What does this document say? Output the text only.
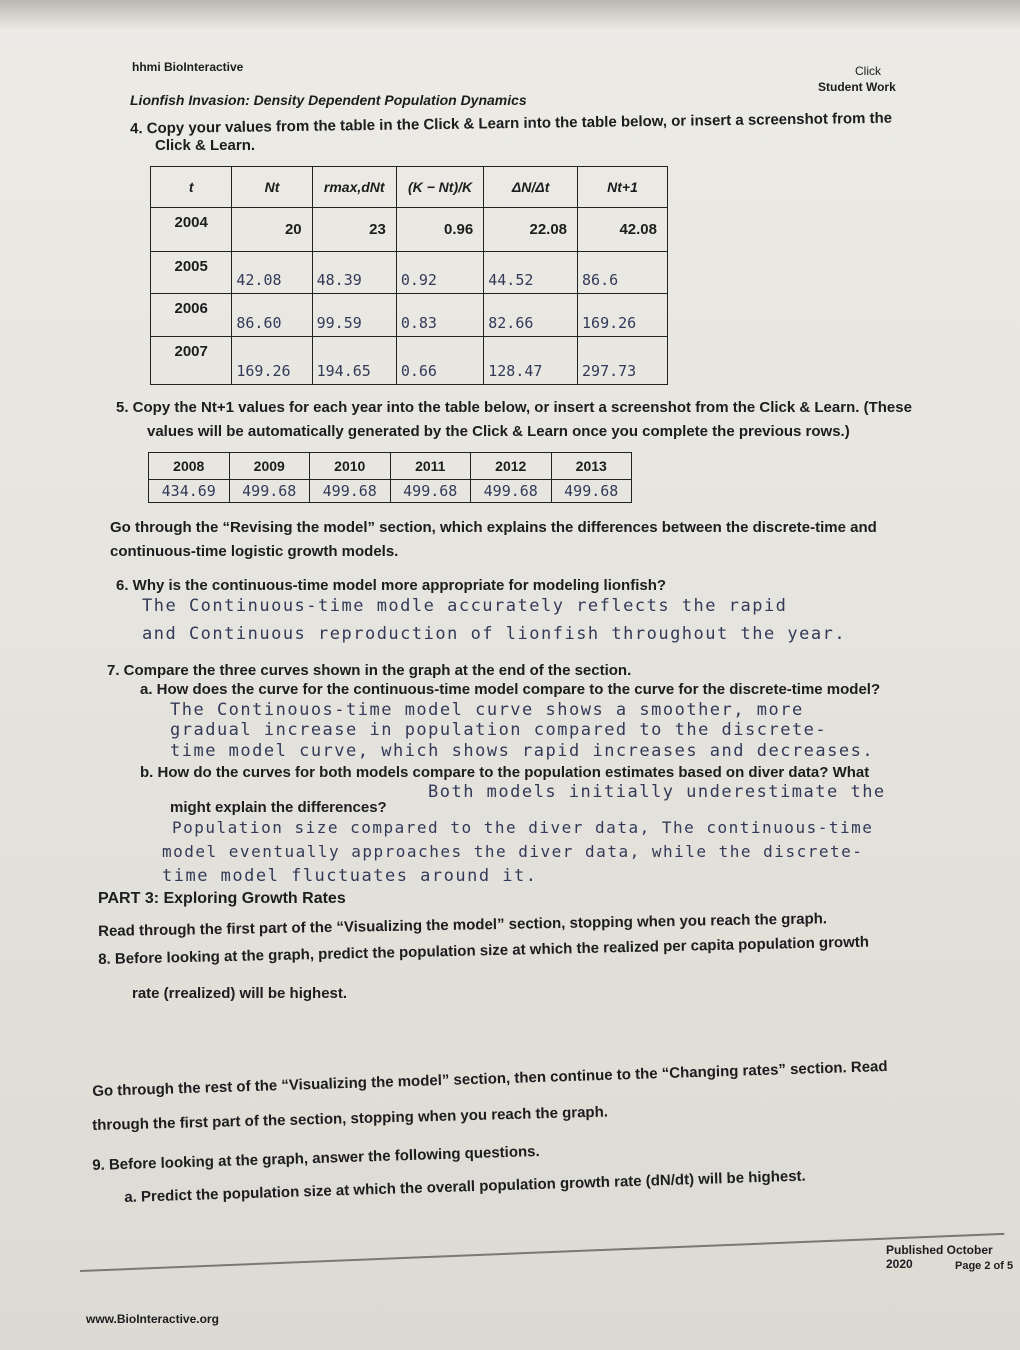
hhmi BioInteractive
Lionfish Invasion: Density Dependent Population Dynamics
Click
Student Work
4. Copy your values from the table in the Click & Learn into the table below, or insert a screenshot from the
Click & Learn.
t	Nt	rmax,dNt	(K − Nt)/K	ΔN/Δt	Nt+1
2004	20	23	0.96	22.08	42.08
2005	42.08	48.39	0.92	44.52	86.6
2006	86.60	99.59	0.83	82.66	169.26
2007	169.26	194.65	0.66	128.47	297.73
5. Copy the Nt+1 values for each year into the table below, or insert a screenshot from the Click & Learn. (These
values will be automatically generated by the Click & Learn once you complete the previous rows.)
2008	2009	2010	2011	2012	2013
434.69	499.68	499.68	499.68	499.68	499.68
Go through the “Revising the model” section, which explains the differences between the discrete-time and
continuous-time logistic growth models.
6. Why is the continuous-time model more appropriate for modeling lionfish?
The Continuous-time modle accurately reflects the rapid
and Continuous reproduction of lionfish throughout the year.
7. Compare the three curves shown in the graph at the end of the section.
a. How does the curve for the continuous-time model compare to the curve for the discrete-time model?
The Continouos-time model curve shows a smoother, more
gradual increase in population compared to the discrete-
time model curve, which shows rapid increases and decreases.
b. How do the curves for both models compare to the population estimates based on diver data? What
might explain the differences?
Both models initially underestimate the
Population size compared to the diver data, The continuous-time
model eventually approaches the diver data, while the discrete-
time model fluctuates around it.
PART 3: Exploring Growth Rates
Read through the first part of the “Visualizing the model” section, stopping when you reach the graph.
8. Before looking at the graph, predict the population size at which the realized per capita population growth
rate (rrealized) will be highest.
Go through the rest of the “Visualizing the model” section, then continue to the “Changing rates” section. Read
through the first part of the section, stopping when you reach the graph.
9. Before looking at the graph, answer the following questions.
a. Predict the population size at which the overall population growth rate (dN/dt) will be highest.
Published October 2020	Page 2 of 5
www.BioInteractive.org
